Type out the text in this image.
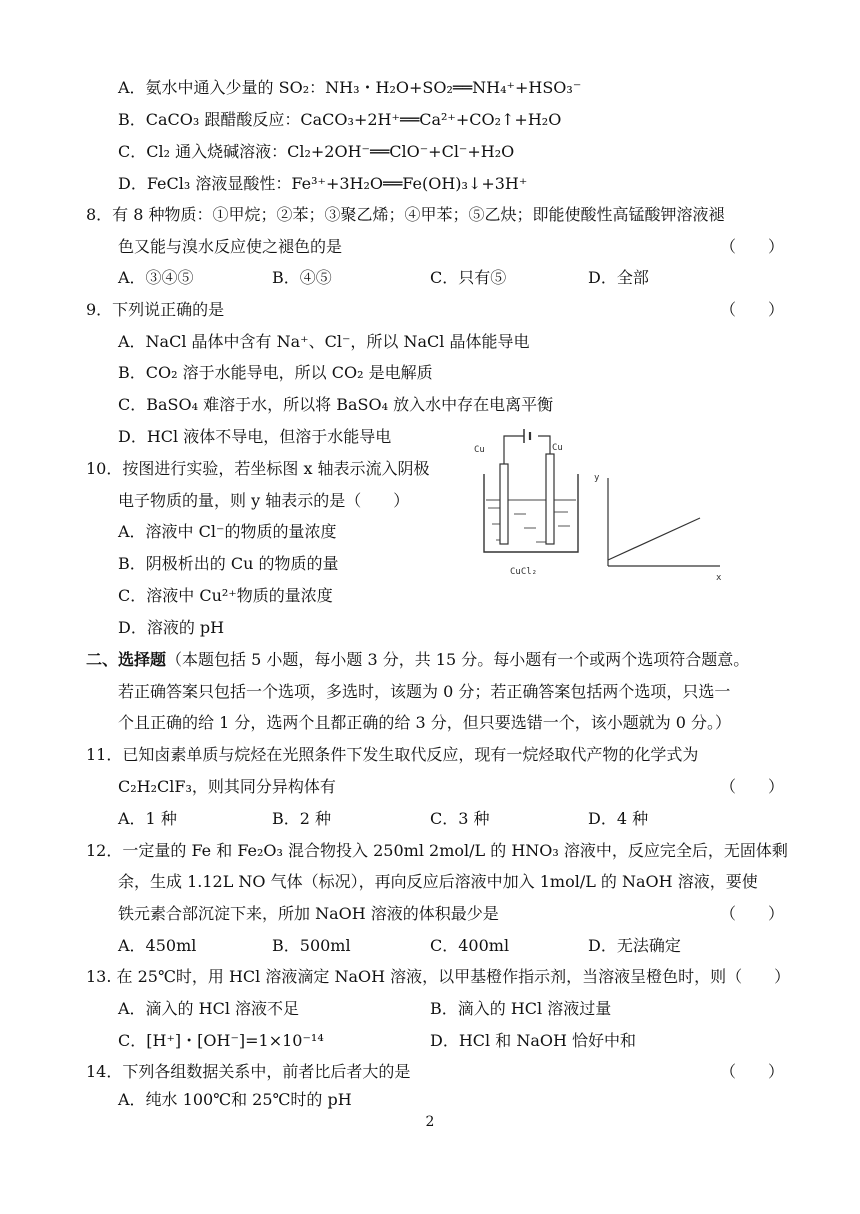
A．氨水中通入少量的 SO₂：NH₃・H₂O+SO₂══NH₄⁺+HSO₃⁻
B．CaCO₃ 跟醋酸反应：CaCO₃+2H⁺══Ca²⁺+CO₂↑+H₂O
C．Cl₂ 通入烧碱溶液：Cl₂+2OH⁻══ClO⁻+Cl⁻+H₂O
D．FeCl₃ 溶液显酸性：Fe³⁺+3H₂O══Fe(OH)₃↓+3H⁺
8．有 8 种物质：①甲烷；②苯；③聚乙烯；④甲苯；⑤乙炔；即能使酸性高锰酸钾溶液褪
色又能与溴水反应使之褪色的是	（　　）
A．③④⑤	B．④⑤	C．只有⑤	D．全部
9．下列说正确的是	（　　）
A．NaCl 晶体中含有 Na⁺、Cl⁻，所以 NaCl 晶体能导电
B．CO₂ 溶于水能导电，所以 CO₂ 是电解质
C．BaSO₄ 难溶于水，所以将 BaSO₄ 放入水中存在电离平衡
D．HCl 液体不导电，但溶于水能导电
10．按图进行实验，若坐标图 x 轴表示流入阴极
电子物质的量，则 y 轴表示的是（　　）
A．溶液中 Cl⁻的物质的量浓度
B．阴极析出的 Cu 的物质的量
C．溶液中 Cu²⁺物质的量浓度
D．溶液的 pH
Cu	Cu
CuCl₂
y
x
二、选择题（本题包括 5 小题，每小题 3 分，共 15 分。每小题有一个或两个选项符合题意。
若正确答案只包括一个选项，多选时，该题为 0 分；若正确答案包括两个选项，只选一
个且正确的给 1 分，选两个且都正确的给 3 分，但只要选错一个，该小题就为 0 分。）
11．已知卤素单质与烷烃在光照条件下发生取代反应，现有一烷烃取代产物的化学式为
C₂H₂ClF₃，则其同分异构体有	（　　）
A．1 种	B．2 种	C．3 种	D．4 种
12．一定量的 Fe 和 Fe₂O₃ 混合物投入 250ml 2mol/L 的 HNO₃ 溶液中，反应完全后，无固体剩
余，生成 1.12L NO 气体（标况），再向反应后溶液中加入 1mol/L 的 NaOH 溶液，要使
铁元素合部沉淀下来，所加 NaOH 溶液的体积最少是	（　　）
A．450ml	B．500ml	C．400ml	D．无法确定
13. 在 25℃时，用 HCl 溶液滴定 NaOH 溶液，以甲基橙作指示剂，当溶液呈橙色时，则（　　）
A．滴入的 HCl 溶液不足	B．滴入的 HCl 溶液过量
C．[H⁺]・[OH⁻]=1×10⁻¹⁴	D．HCl 和 NaOH 恰好中和
14．下列各组数据关系中，前者比后者大的是	（　　）
A．纯水 100℃和 25℃时的 pH
2
